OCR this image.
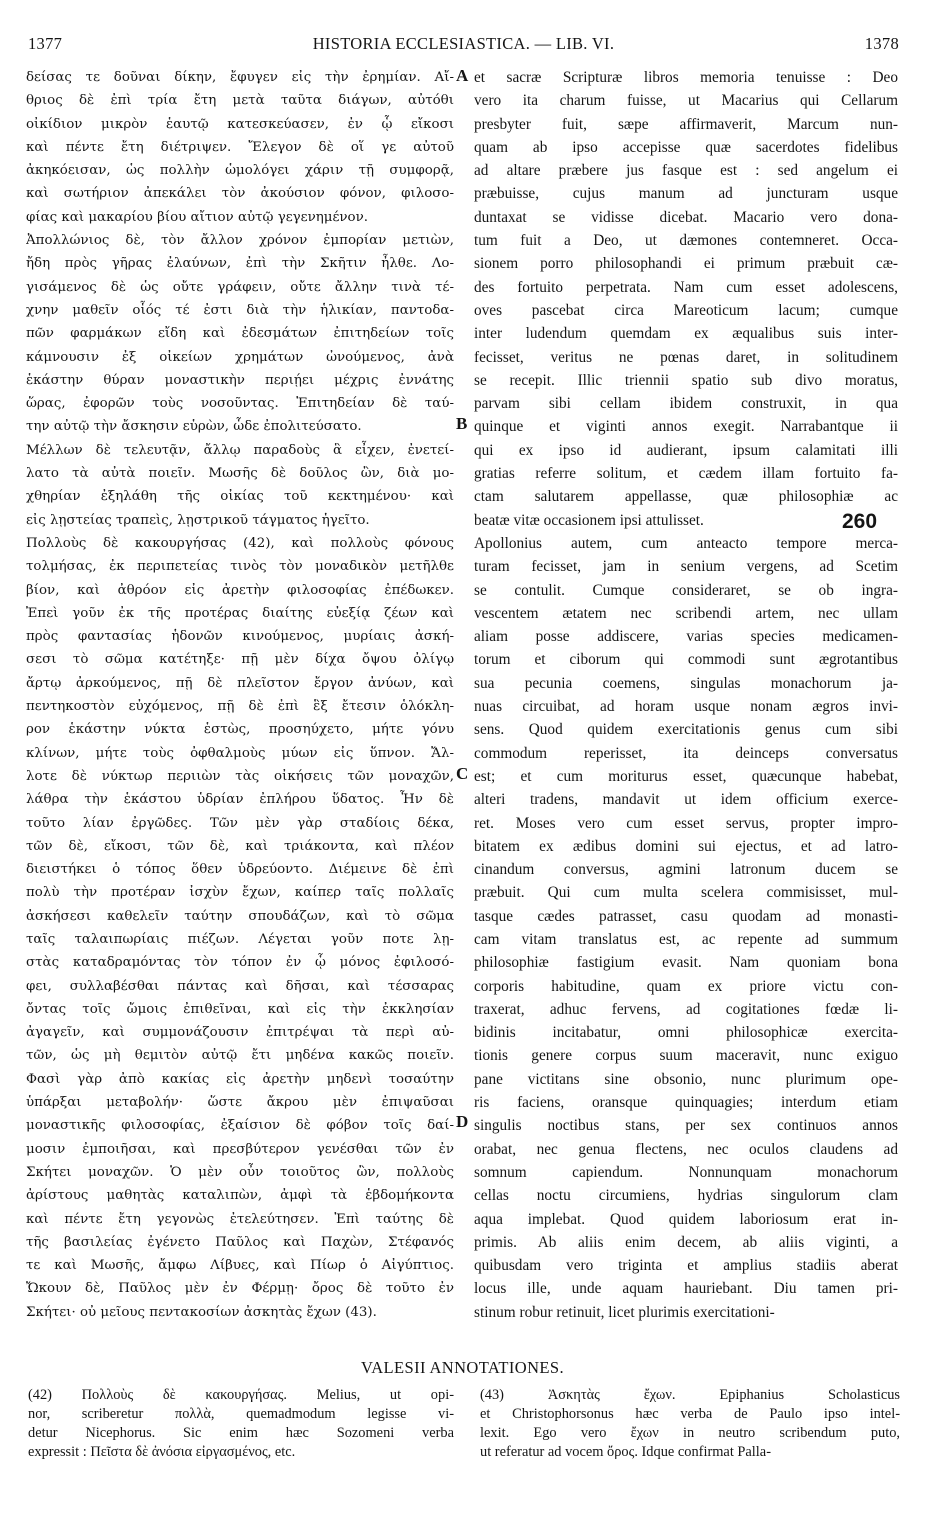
1377	HISTORIA ECCLESIASTICA. — LIB. VI.	1378
δείσας τε δοῦναι δίκην, ἔφυγεν εἰς τὴν ἐρημίαν. Αἴ-
θριος δὲ ἐπὶ τρία ἔτη μετὰ ταῦτα διάγων, αὐτόθι
οἰκίδιον μικρὸν ἑαυτῷ κατεσκεύασεν, ἐν ᾧ εἴκοσι
καὶ πέντε ἔτη διέτριψεν. Ἔλεγον δὲ οἵ γε αὐτοῦ
ἀκηκόεισαν, ὡς πολλὴν ὡμολόγει χάριν τῇ συμφορᾷ,
καὶ σωτήριον ἀπεκάλει τὸν ἀκούσιον φόνον, φιλοσο-
φίας καὶ μακαρίου βίου αἴτιον αὐτῷ γεγενημένον.
Ἀπολλώνιος δὲ, τὸν ἄλλον χρόνον ἐμπορίαν μετιὼν,
ἤδη πρὸς γῆρας ἐλαύνων, ἐπὶ τὴν Σκῆτιν ἦλθε. Λο-
γισάμενος δὲ ὡς οὔτε γράφειν, οὔτε ἄλλην τινὰ τέ-
χνην μαθεῖν οἷός τέ ἐστι διὰ τὴν ἡλικίαν, παντοδα-
πῶν φαρμάκων εἴδη καὶ ἐδεσμάτων ἐπιτηδείων τοῖς
κάμνουσιν ἐξ οἰκείων χρημάτων ὠνούμενος, ἀνὰ
ἑκάστην θύραν μοναστικὴν περιῄει μέχρις ἐννάτης
ὥρας, ἐφορῶν τοὺς νοσοῦντας. Ἐπιτηδείαν δὲ ταύ-
την αὐτῷ τὴν ἄσκησιν εὑρὼν, ὧδε ἐπολιτεύσατο.
Μέλλων δὲ τελευτᾷν, ἄλλῳ παραδοὺς ἃ εἶχεν, ἐνετεί-
λατο τὰ αὐτὰ ποιεῖν. Μωσῆς δὲ δοῦλος ὢν, διὰ μο-
χθηρίαν ἐξηλάθη τῆς οἰκίας τοῦ κεκτημένου· καὶ
εἰς λῃστείας τραπεὶς, λῃστρικοῦ τάγματος ἡγεῖτο.
Πολλοὺς δὲ κακουργήσας (42), καὶ πολλοὺς φόνους
τολμήσας, ἐκ περιπετείας τινὸς τὸν μοναδικὸν μετῆλθε
βίον, καὶ ἀθρόον εἰς ἀρετὴν φιλοσοφίας ἐπέδωκεν.
Ἐπεὶ γοῦν ἐκ τῆς προτέρας διαίτης εὐεξίᾳ ζέων καὶ
πρὸς φαντασίας ἡδονῶν κινούμενος, μυρίαις ἀσκή-
σεσι τὸ σῶμα κατέτηξε· πῇ μὲν δίχα ὄψου ὀλίγῳ
ἄρτῳ ἀρκούμενος, πῇ δὲ πλεῖστον ἔργον ἀνύων, καὶ
πεντηκοστὸν εὐχόμενος, πῇ δὲ ἐπὶ ἓξ ἔτεσιν ὁλόκλη-
ρον ἑκάστην νύκτα ἑστὼς, προσηύχετο, μήτε γόνυ
κλίνων, μήτε τοὺς ὀφθαλμοὺς μύων εἰς ὕπνον. Ἄλ-
λοτε δὲ νύκτωρ περιιὼν τὰς οἰκήσεις τῶν μοναχῶν,
λάθρα τὴν ἑκάστου ὑδρίαν ἐπλήρου ὕδατος. Ἦν δὲ
τοῦτο λίαν ἐργῶδες. Τῶν μὲν γὰρ σταδίοις δέκα,
τῶν δὲ, εἴκοσι, τῶν δὲ, καὶ τριάκοντα, καὶ πλέον
διειστήκει ὁ τόπος ὅθεν ὑδρεύοντο. Διέμεινε δὲ ἐπὶ
πολὺ τὴν προτέραν ἰσχὺν ἔχων, καίπερ ταῖς πολλαῖς
ἀσκήσεσι καθελεῖν ταύτην σπουδάζων, καὶ τὸ σῶμα
ταῖς ταλαιπωρίαις πιέζων. Λέγεται γοῦν ποτε λῃ-
στὰς καταδραμόντας τὸν τόπον ἐν ᾧ μόνος ἐφιλοσό-
φει, συλλαβέσθαι πάντας καὶ δῆσαι, καὶ τέσσαρας
ὄντας τοῖς ὤμοις ἐπιθεῖναι, καὶ εἰς τὴν ἐκκλησίαν
ἀγαγεῖν, καὶ συμμονάζουσιν ἐπιτρέψαι τὰ περὶ αὐ-
τῶν, ὡς μὴ θεμιτὸν αὐτῷ ἔτι μηδένα κακῶς ποιεῖν.
Φασὶ γὰρ ἀπὸ κακίας εἰς ἀρετὴν μηδενὶ τοσαύτην
ὑπάρξαι μεταβολήν· ὥστε ἄκρου μὲν ἐπιψαῦσαι
μοναστικῆς φιλοσοφίας, ἐξαίσιον δὲ φόβον τοῖς δαί-
μοσιν ἐμποιῆσαι, καὶ πρεσβύτερον γενέσθαι τῶν ἐν
Σκήτει μοναχῶν. Ὁ μὲν οὖν τοιοῦτος ὢν, πολλοὺς
ἀρίστους μαθητὰς καταλιπὼν, ἀμφὶ τὰ ἑβδομήκοντα
καὶ πέντε ἔτη γεγονὼς ἐτελεύτησεν. Ἐπὶ ταύτης δὲ
τῆς βασιλείας ἐγένετο Παῦλος καὶ Παχὼν, Στέφανός
τε καὶ Μωσῆς, ἄμφω Λίβυες, καὶ Πίωρ ὁ Αἰγύπτιος.
Ὤκουν δὲ, Παῦλος μὲν ἐν Φέρμῃ· ὄρος δὲ τοῦτο ἐν
Σκήτει· οὐ μεῖους πεντακοσίων ἀσκητὰς ἔχων (43).
et sacræ Scripturæ libros memoria tenuisse : Deo
vero ita charum fuisse, ut Macarius qui Cellarum
presbyter fuit, sæpe affirmaverit, Marcum nun-
quam ab ipso accepisse quæ sacerdotes fidelibus
ad altare præbere jus fasque est : sed angelum ei
præbuisse, cujus manum ad juncturam usque
duntaxat se vidisse dicebat. Macario vero dona-
tum fuit a Deo, ut dæmones contemneret. Occa-
sionem porro philosophandi ei primum præbuit cæ-
des fortuito perpetrata. Nam cum esset adolescens,
oves pascebat circa Mareoticum lacum; cumque
inter ludendum quemdam ex æqualibus suis inter-
fecisset, veritus ne pœnas daret, in solitudinem
se recepit. Illic triennii spatio sub divo moratus,
parvam sibi cellam ibidem construxit, in qua
quinque et viginti annos exegit. Narrabantque ii
qui ex ipso id audierant, ipsum calamitati illi
gratias referre solitum, et cædem illam fortuito fa-
ctam salutarem appellasse, quæ philosophiæ ac
beatæ vitæ occasionem ipsi attulisset.
Apollonius autem, cum anteacto tempore merca-
turam fecisset, jam in senium vergens, ad Scetim
se contulit. Cumque consideraret, se ob ingra-
vescentem ætatem nec scribendi artem, nec ullam
aliam posse addiscere, varias species medicamen-
torum et ciborum qui commodi sunt ægrotantibus
sua pecunia coemens, singulas monachorum ja-
nuas circuibat, ad horam usque nonam ægros invi-
sens. Quod quidem exercitationis genus cum sibi
commodum reperisset, ita deinceps conversatus
est; et cum moriturus esset, quæcunque habebat,
alteri tradens, mandavit ut idem officium exerce-
ret. Moses vero cum esset servus, propter impro-
bitatem ex ædibus domini sui ejectus, et ad latro-
cinandum conversus, agmini latronum ducem se
præbuit. Qui cum multa scelera commisisset, mul-
tasque cædes patrasset, casu quodam ad monasti-
cam vitam translatus est, ac repente ad summum
philosophiæ fastigium evasit. Nam quoniam bona
corporis habitudine, quam ex priore victu con-
traxerat, adhuc fervens, ad cogitationes fœdæ li-
bidinis incitabatur, omni philosophicæ exercita-
tionis genere corpus suum maceravit, nunc exiguo
pane victitans sine obsonio, nunc plurimum ope-
ris faciens, oransque quinquagies; interdum etiam
singulis noctibus stans, per sex continuos annos
orabat, nec genua flectens, nec oculos claudens ad
somnum capiendum. Nonnunquam monachorum
cellas noctu circumiens, hydrias singulorum clam
aqua implebat. Quod quidem laboriosum erat in-
primis. Ab aliis enim decem, ab aliis viginti, a
quibusdam vero triginta et amplius stadiis aberat
locus ille, unde aquam hauriebant. Diu tamen pri-
stinum robur retinuit, licet plurimis exercitationi-
A
B
C
D
260
VALESII ANNOTATIONES.
(42) Πολλοὺς δὲ κακουργήσας. Melius, ut opi-
nor, scriberetur πολλὰ, quemadmodum legisse vi-
detur Nicephorus. Sic enim hæc Sozomeni verba
expressit : Πεῖστα δὲ ἀνόσια εἰργασμένος, etc.
(43) Ἀσκητὰς ἔχων. Epiphanius Scholasticus
et Christophorsonus hæc verba de Paulo ipso intel-
lexit. Ego vero ἔχων in neutro scribendum puto,
ut referatur ad vocem ὄρος. Idque confirmat Palla-
